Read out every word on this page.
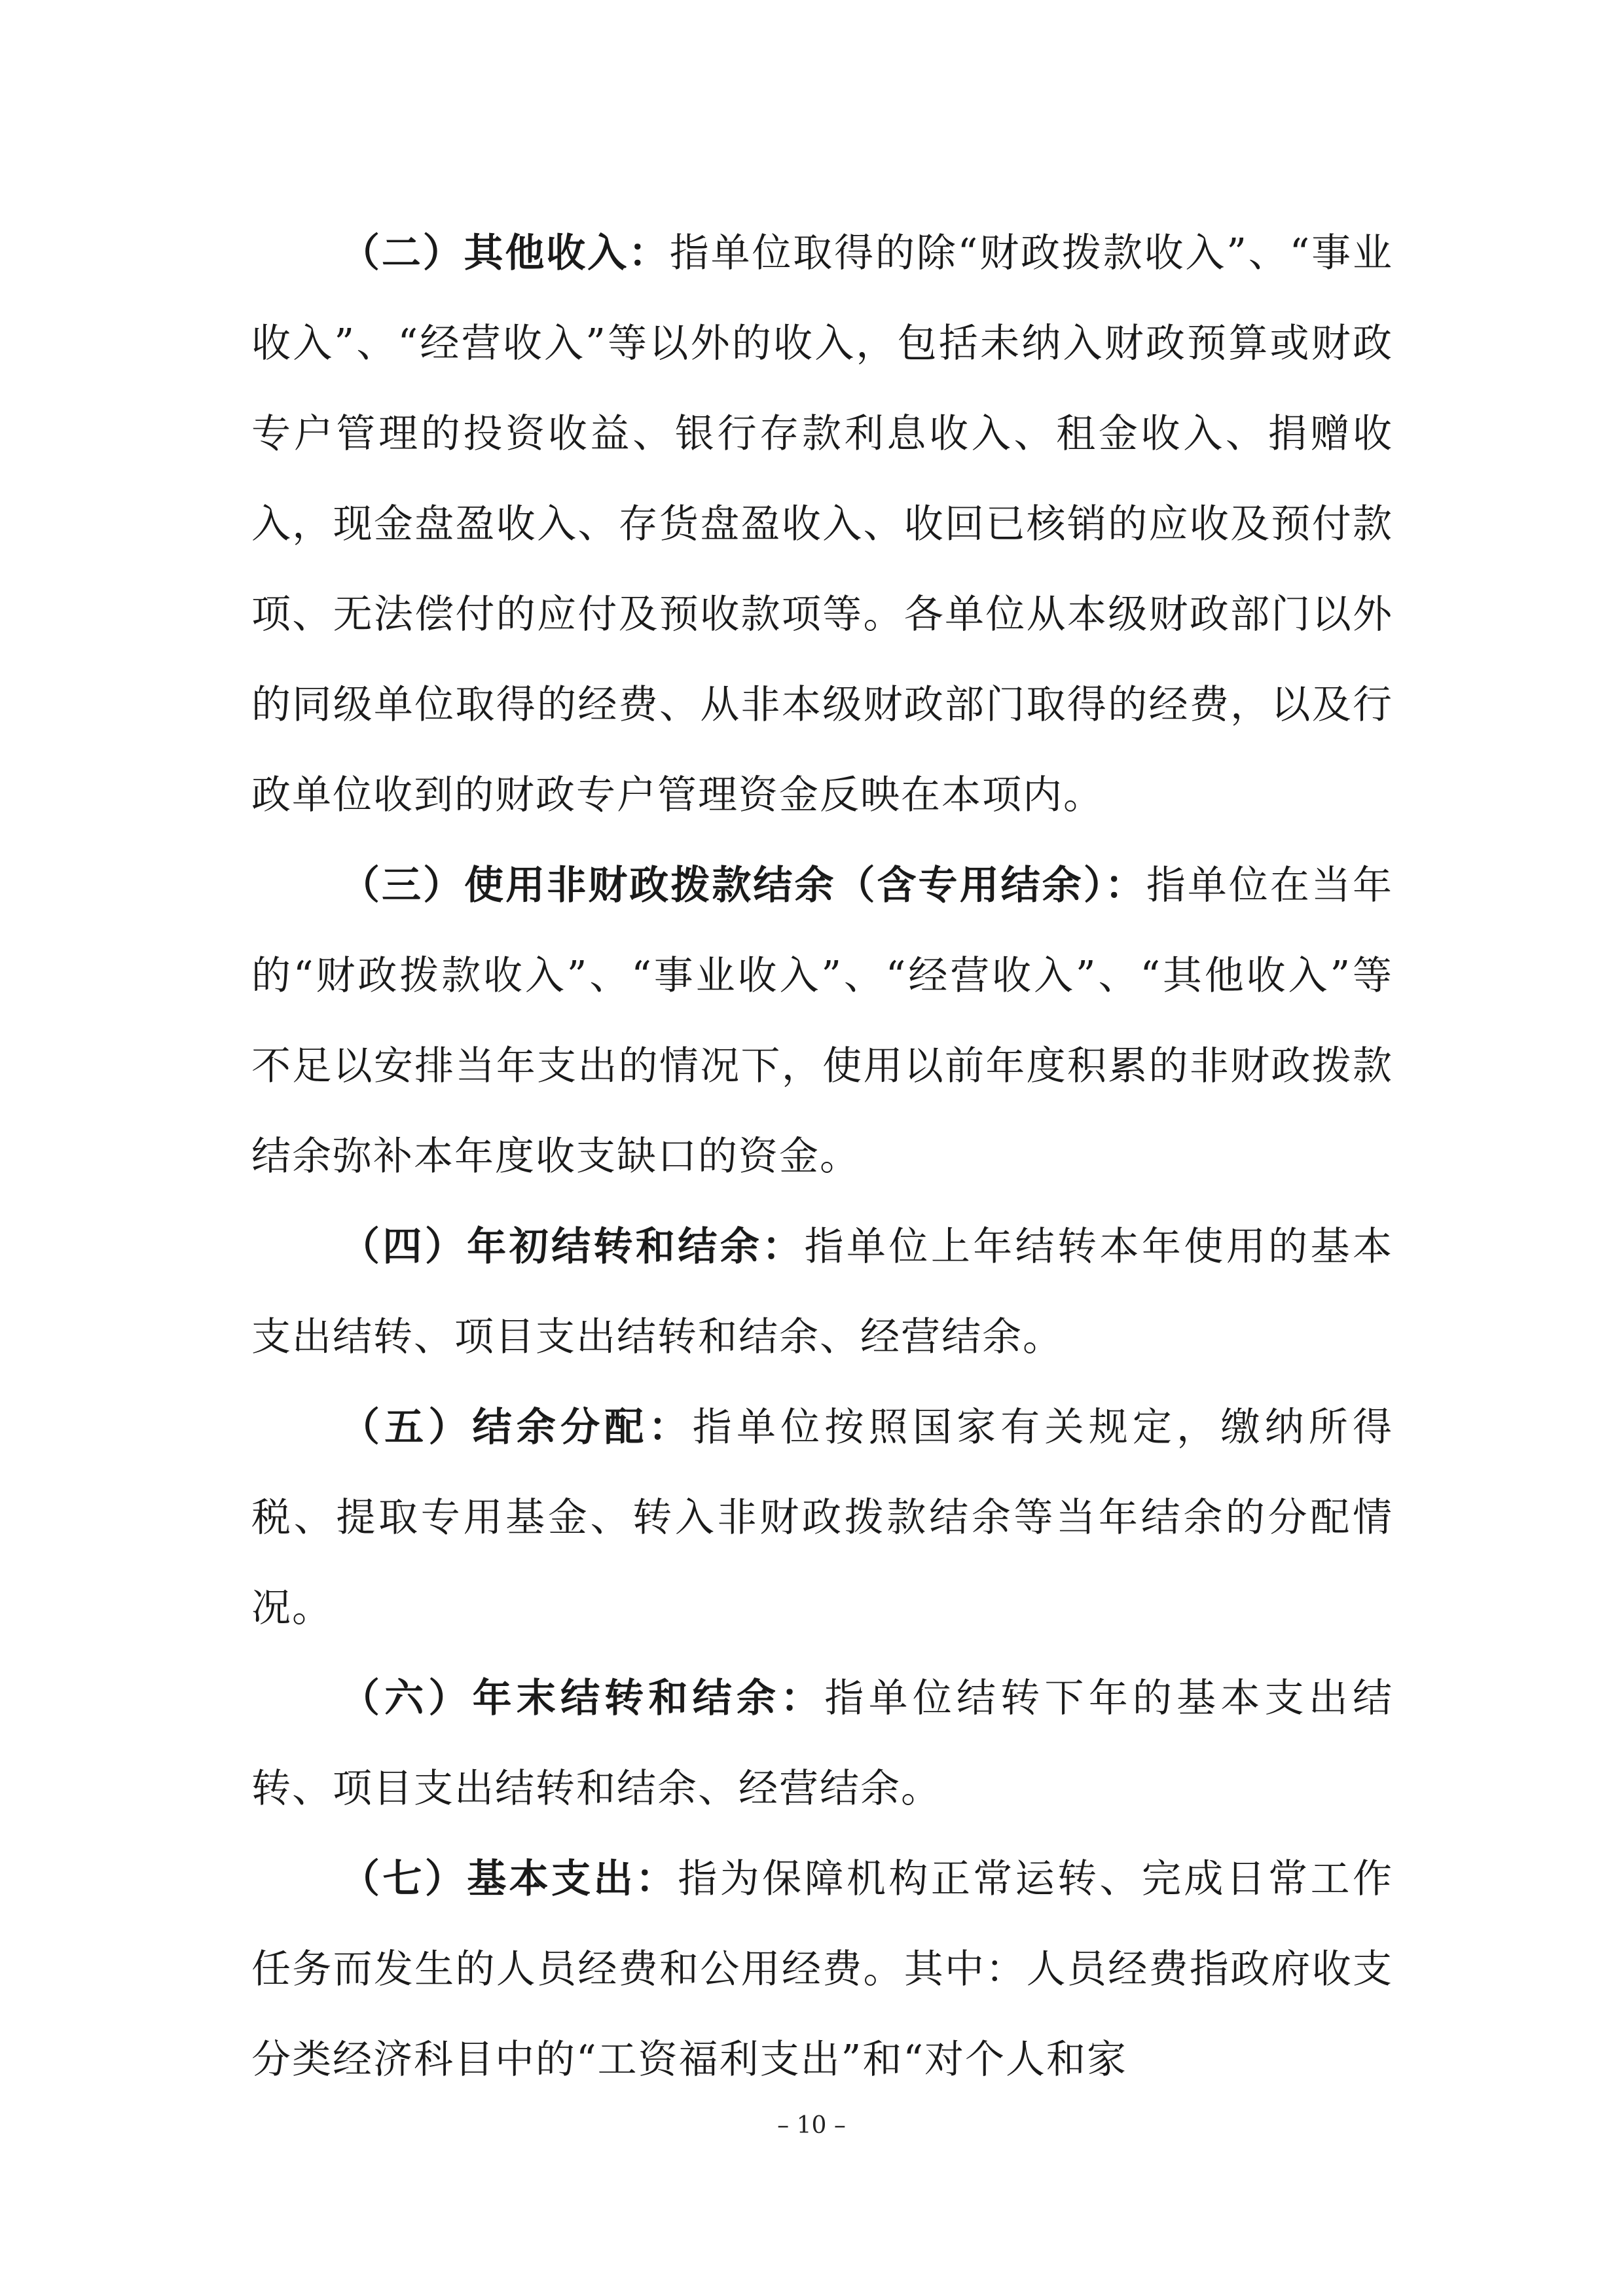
（二）其他收入：指单位取得的除“财政拨款收入”、“事业收入”、“经营收入”等以外的收入，包括未纳入财政预算或财政专户管理的投资收益、银行存款利息收入、租金收入、捐赠收入，现金盘盈收入、存货盘盈收入、收回已核销的应收及预付款项、无法偿付的应付及预收款项等。各单位从本级财政部门以外的同级单位取得的经费、从非本级财政部门取得的经费，以及行政单位收到的财政专户管理资金反映在本项内。

（三）使用非财政拨款结余（含专用结余）：指单位在当年的“财政拨款收入”、“事业收入”、“经营收入”、“其他收入”等不足以安排当年支出的情况下，使用以前年度积累的非财政拨款结余弥补本年度收支缺口的资金。

（四）年初结转和结余：指单位上年结转本年使用的基本支出结转、项目支出结转和结余、经营结余。

（五）结余分配：指单位按照国家有关规定，缴纳所得税、提取专用基金、转入非财政拨款结余等当年结余的分配情况。

（六）年末结转和结余：指单位结转下年的基本支出结转、项目支出结转和结余、经营结余。

（七）基本支出：指为保障机构正常运转、完成日常工作任务而发生的人员经费和公用经费。其中：人员经费指政府收支分类经济科目中的“工资福利支出”和“对个人和家

– 10 –
